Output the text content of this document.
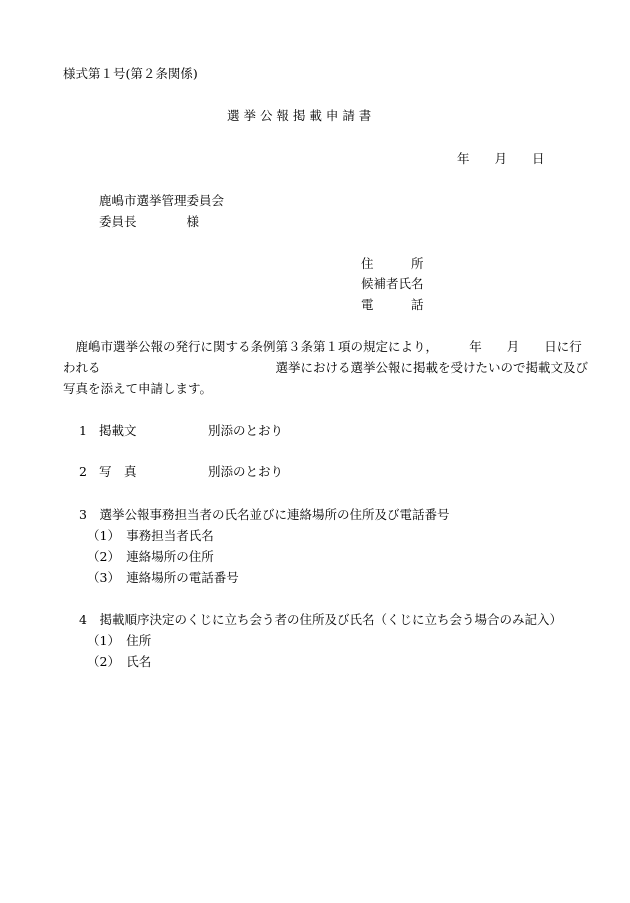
様式第１号(第２条関係)
選 挙 公 報 掲 載 申 請 書
年　　月　　日
鹿嶋市選挙管理委員会
委員長　　　　様
住　　　所
候補者氏名
電　　　話
　鹿嶋市選挙公報の発行に関する条例第３条第１項の規定により，　　　年　　月　　日に行
われる　　　　　　　　　　　　　　選挙における選挙公報に掲載を受けたいので掲載文及び
写真を添えて申請します。
1 掲載文	別添のとおり
2 写　真	別添のとおり
3　選挙公報事務担当者の氏名並びに連絡場所の住所及び電話番号
（1）　事務担当者氏名
（2）　連絡場所の住所
（3）　連絡場所の電話番号
4　掲載順序決定のくじに立ち会う者の住所及び氏名（くじに立ち会う場合のみ記入）
（1）　住所
（2）　氏名
